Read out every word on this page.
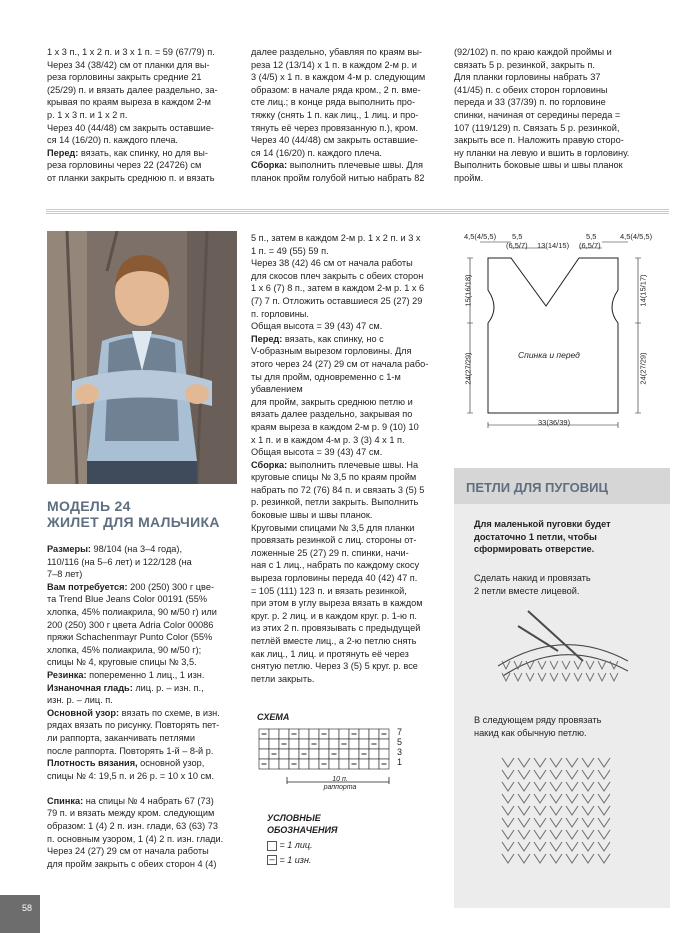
1 х 3 п., 1 х 2 п. и 3 х 1 п. = 59 (67/79) п.

Через 34 (38/42) см от планки для вы-

реза горловины закрыть средние 21

(25/29) п. и вязать далее раздельно, за-

крывая по краям выреза в каждом 2-м

р. 1 х 3 п. и 1 х 2 п.

Через 40 (44/48) см закрыть оставшие-

ся 14 (16/20) п. каждого плеча.

Перед: вязать, как спинку, но для вы-
реза горловины через 22 (24726) см
от планки закрыть среднюю п. и вязать

далее раздельно, убавляя по краям вы-

реза 12 (13/14) х 1 п. в каждом 2-м р. и

3 (4/5) х 1 п. в каждом 4-м р. следующим

образом: в начале ряда кром., 2 п. вме-

сте лиц.; в конце ряда выполнить про-

тяжку (снять 1 п. как лиц., 1 лиц. и про-

тянуть её через провязанную п.), кром.

Через 40 (44/48) см закрыть оставшие-

ся 14 (16/20) п. каждого плеча.

Сборка: выполнить плечевые швы. Для
планок пройм голубой нитью набрать 82

(92/102) п. по краю каждой проймы и

связать 5 р. резинкой, закрыть п.

Для планки горловины набрать 37

(41/45) п. с обеих сторон горловины

переда и 33 (37/39) п. по горловине

спинки, начиная от середины переда =

107 (119/129) п. Связать 5 р. резинкой,

закрыть все п. Наложить правую сторо-

ну планки на левую и вшить в горловину.

Выполнить боковые швы и швы планок

пройм.

МОДЕЛЬ 24
ЖИЛЕТ ДЛЯ МАЛЬЧИКА

Размеры: 98/104 (на 3–4 года),

110/116 (на 5–6 лет) и 122/128 (на

7–8 лет)

Вам потребуется: 200 (250) 300 г цве-

та Trend Blue Jeans Color 00191 (55%

хлопка, 45% полиакрила, 90 м/50 г) или

200 (250) 300 г цвета Adria Color 00086

пряжи Schachenmayr Punto Color (55%

хлопка, 45% полиакрила, 90 м/50 г);

спицы № 4, круговые спицы № 3,5.

Резинка: попеременно 1 лиц., 1 изн.

Изнаночная гладь: лиц. р. – изн. п.,

изн. р. – лиц. п.

Основной узор: вязать по схеме, в изн.

рядах вязать по рисунку. Повторять пет-

ли раппорта, заканчивать петлями

после раппорта. Повторять 1-й – 8-й р.

Плотность вязания, основной узор,

спицы № 4: 19,5 п. и 26 р. = 10 х 10 см.

Спинка: на спицы № 4 набрать 67 (73)

79 п. и вязать между кром. следующим

образом: 1 (4) 2 п. изн. глади, 63 (63) 73

п. основным узором, 1 (4) 2 п. изн. глади.

Через 24 (27) 29 см от начала работы

для пройм закрыть с обеих сторон 4 (4)

5 п., затем в каждом 2-м р. 1 х 2 п. и 3 х

1 п. = 49 (55) 59 п.

Через 38 (42) 46 см от начала работы

для скосов плеч закрыть с обеих сторон

1 х 6 (7) 8 п., затем в каждом 2-м р. 1 х 6

(7) 7 п. Отложить оставшиеся 25 (27) 29

п. горловины.

Общая высота = 39 (43) 47 см.

Перед: вязать, как спинку, но с

V-образным вырезом горловины. Для

этого через 24 (27) 29 см от начала рабо-

ты для пройм, одновременно с 1-м убавлением

для пройм, закрыть среднюю петлю и

вязать далее раздельно, закрывая по

краям выреза в каждом 2-м р. 9 (10) 10

х 1 п. и в каждом 4-м р. 3 (3) 4 х 1 п.

Общая высота = 39 (43) 47 см.

Сборка: выполнить плечевые швы. На

круговые спицы № 3,5 по краям пройм

набрать по 72 (76) 84 п. и связать 3 (5) 5

р. резинкой, петли закрыть. Выполнить

боковые швы и швы планок.

Круговыми спицами № 3,5 для планки

провязать резинкой с лиц. стороны от-

ложенные 25 (27) 29 п. спинки, начи-

ная с 1 лиц., набрать по каждому скосу

выреза горловины переда 40 (42) 47 п.

= 105 (111) 123 п. и вязать резинкой,

при этом в углу выреза вязать в каждом

круг. р. 2 лиц. и в каждом круг. р. 1-ю п.

из этих 2 п. провязывать с предыдущей

петлёй вместе лиц., а 2-ю петлю снять

как лиц., 1 лиц. и протянуть её через

снятую петлю. Через 3 (5) 5 круг. р. все

петли закрыть.

СХЕМА
7
5
3
1
10 п.
раппорта
УСЛОВНЫЕ
ОБОЗНАЧЕНИЯ
= 1 лиц.
– = 1 изн.
4,5(4/5,5) 5,5
(6,5/7) 13(14/15)
5,5
(6,5/7)
4,5(4/5,5)
15(16/18)	14(15/17)
24(27/29)	24(27/29)
Спинка и перед
33(36/39)
ПЕТЛИ ДЛЯ ПУГОВИЦ
Для маленькой пуговки будет
достаточно 1 петли, чтобы
сформировать отверстие.
Сделать накид и провязать
2 петли вместе лицевой.
В следующем ряду провязать
накид как обычную петлю.
58
